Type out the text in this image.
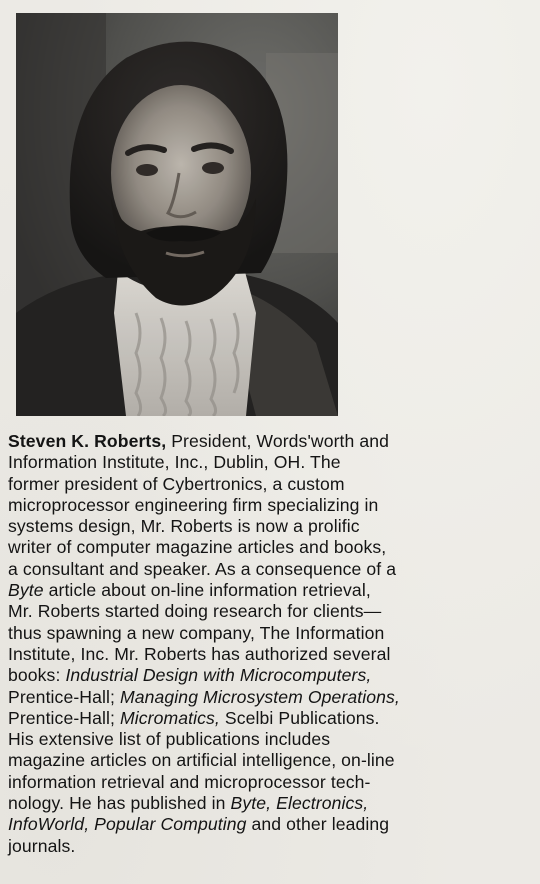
Steven K. Roberts, President, Words'worth and
Information Institute, Inc., Dublin, OH. The
former president of Cybertronics, a custom
microprocessor engineering firm specializing in
systems design, Mr. Roberts is now a prolific
writer of computer magazine articles and books,
a consultant and speaker. As a consequence of a
Byte article about on-line information retrieval,
Mr. Roberts started doing research for clients—
thus spawning a new company, The Information
Institute, Inc. Mr. Roberts has authorized several
books: Industrial Design with Microcomputers,
Prentice-Hall; Managing Microsystem Operations,
Prentice-Hall; Micromatics, Scelbi Publications.
His extensive list of publications includes
magazine articles on artificial intelligence, on-line
information retrieval and microprocessor tech-
nology. He has published in Byte, Electronics,
InfoWorld, Popular Computing and other leading
journals.
